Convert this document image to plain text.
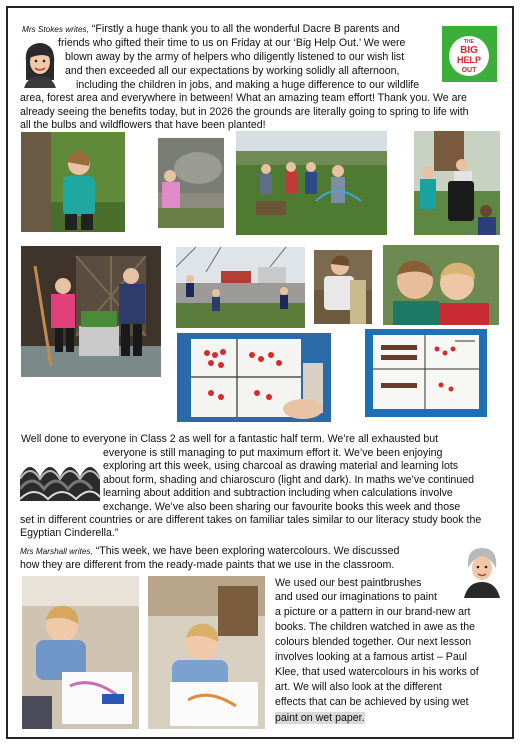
Mrs Stokes writes, “Firstly a huge thank you to all the wonderful Dacre B parents and
friends who gifted their time to us on Friday at our ‘Big Help Out.’ We were
blown away by the army of helpers who diligently listened to our wish list
and then exceeded all our expectations by working solidly all afternoon,
including the children in jobs, and making a huge difference to our wildlife
area, forest area and everywhere in between! What an amazing team effort! Thank you. We are
already seeing the benefits today, but in 2026 the grounds are literally going to spring to life with
all the bulbs and wildflowers that have been planted!
THE
BIG
HELP
OUT
Well done to everyone in Class 2 as well for a fantastic half term. We’re all exhausted but
everyone is still managing to put maximum effort it. We’ve been enjoying
exploring art this week, using charcoal as drawing material and learning lots
about form, shading and chiaroscuro (light and dark). In maths we’ve continued
learning about addition and subtraction including when calculations involve
exchange. We’ve also been sharing our favourite books this week and those
set in different countries or are different takes on familiar tales similar to our literacy study book the
Egyptian Cinderella.”
Mrs Marshall writes, “This week, we have been exploring watercolours. We discussed
how they are different from the ready-made paints that we use in the classroom.
We used our best paintbrushes
and used our imaginations to paint
a picture or a pattern in our brand-new art
books. The children watched in awe as the
colours blended together. Our next lesson
involves looking at a famous artist – Paul
Klee, that used watercolours in his works of
art. We will also look at the different
effects that can be achieved by using wet
paint on wet paper.
